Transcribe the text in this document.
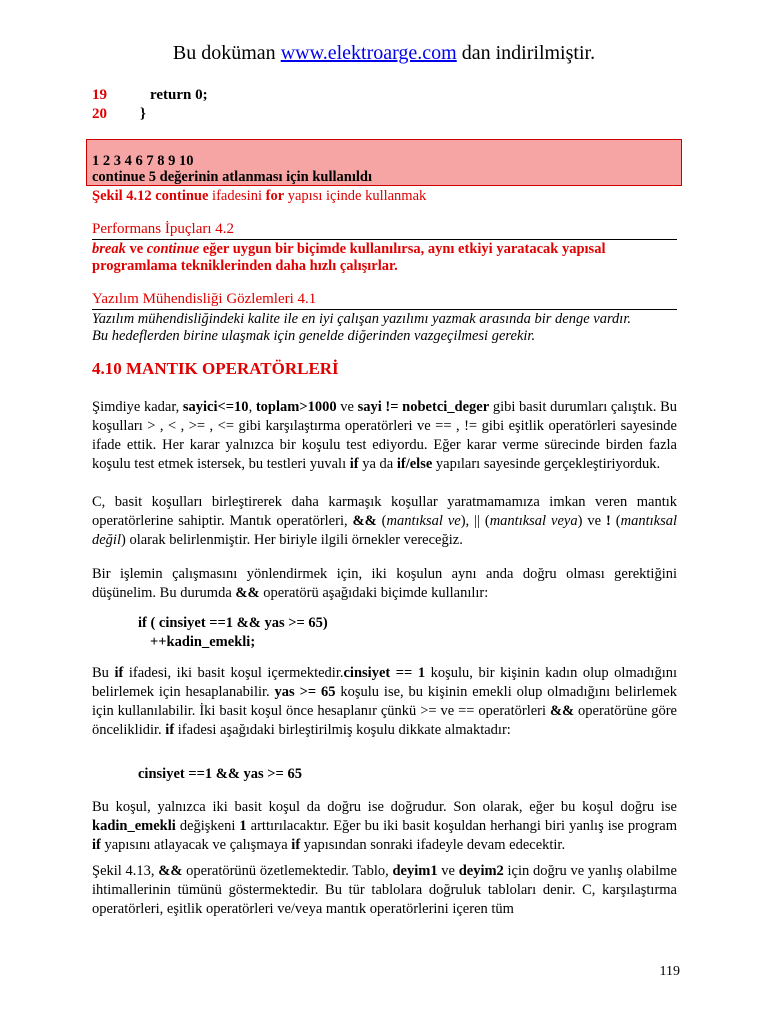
Bu doküman www.elektroarge.com dan indirilmiştir.
19	return 0;
20 }
1 2 3 4 6 7 8 9 10
continue 5 değerinin atlanması için kullanıldı
Şekil 4.12 continue ifadesini for yapısı içinde kullanmak
Performans İpuçları 4.2
break ve continue eğer uygun bir biçimde kullanılırsa, aynı etkiyi yaratacak yapısal
programlama tekniklerinden daha hızlı çalışırlar.
Yazılım Mühendisliği Gözlemleri 4.1
Yazılım mühendisliğindeki kalite ile en iyi çalışan yazılımı yazmak arasında bir denge vardır.
Bu hedeflerden birine ulaşmak için genelde diğerinden vazgeçilmesi gerekir.
4.10 MANTIK OPERATÖRLERİ
Şimdiye kadar, sayici<=10, toplam>1000 ve sayi != nobetci_deger gibi basit durumları çalıştık. Bu koşulları > , < , >= , <= gibi karşılaştırma operatörleri ve == , != gibi eşitlik operatörleri sayesinde ifade ettik. Her karar yalnızca bir koşulu test ediyordu. Eğer karar verme sürecinde birden fazla koşulu test etmek istersek, bu testleri yuvalı if ya da if/else yapıları sayesinde gerçekleştiriyorduk.
C, basit koşulları birleştirerek daha karmaşık koşullar yaratmamamıza imkan veren mantık operatörlerine sahiptir. Mantık operatörleri, && (mantıksal ve), || (mantıksal veya) ve ! (mantıksal değil) olarak belirlenmiştir. Her biriyle ilgili örnekler vereceğiz.
Bir işlemin çalışmasını yönlendirmek için, iki koşulun aynı anda doğru olması gerektiğini düşünelim. Bu durumda && operatörü aşağıdaki biçimde kullanılır:
if ( cinsiyet ==1 && yas >= 65)
++kadin_emekli;
Bu if ifadesi, iki basit koşul içermektedir.cinsiyet == 1 koşulu, bir kişinin kadın olup olmadığını belirlemek için hesaplanabilir. yas >= 65 koşulu ise, bu kişinin emekli olup olmadığını belirlemek için kullanılabilir. İki basit koşul önce hesaplanır çünkü >= ve == operatörleri && operatörüne göre önceliklidir. if ifadesi aşağıdaki birleştirilmiş koşulu dikkate almaktadır:
cinsiyet ==1 && yas >= 65
Bu koşul, yalnızca iki basit koşul da doğru ise doğrudur. Son olarak, eğer bu koşul doğru ise kadin_emekli değişkeni 1 arttırılacaktır. Eğer bu iki basit koşuldan herhangi biri yanlış ise program if yapısını atlayacak ve çalışmaya if yapısından sonraki ifadeyle devam edecektir.
Şekil 4.13, && operatörünü özetlemektedir. Tablo, deyim1 ve deyim2 için doğru ve yanlış olabilme ihtimallerinin tümünü göstermektedir. Bu tür tablolara doğruluk tabloları denir. C, karşılaştırma operatörleri, eşitlik operatörleri ve/veya mantık operatörlerini içeren tüm
119
